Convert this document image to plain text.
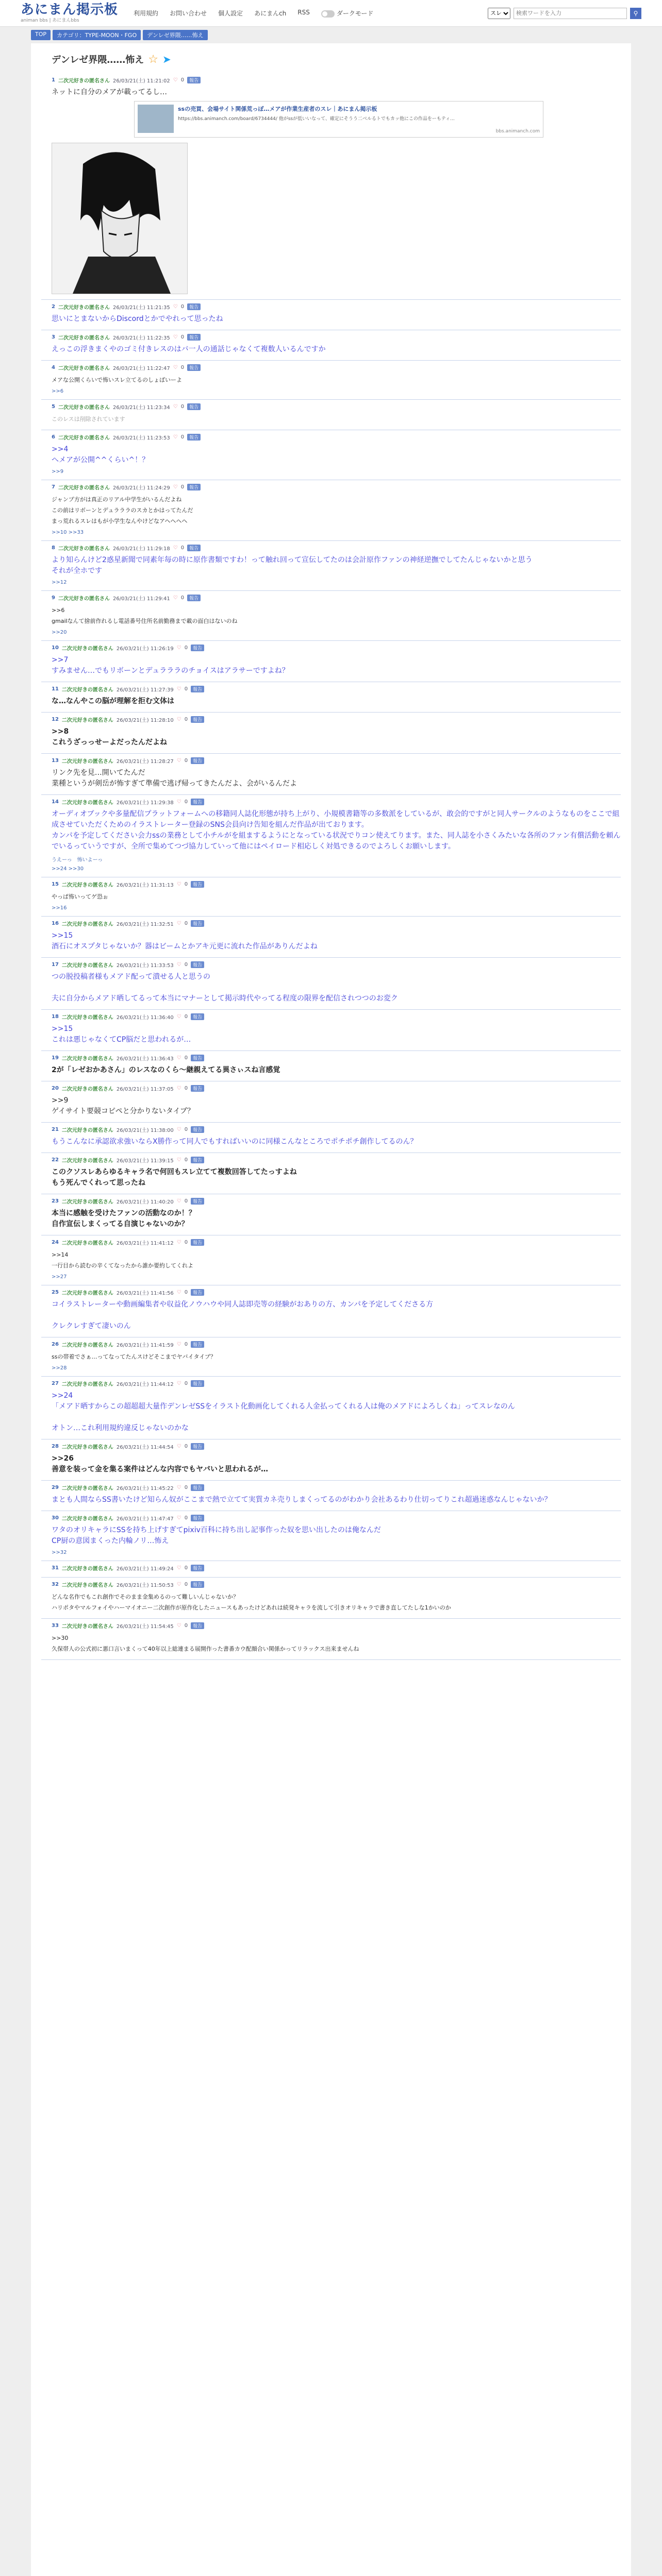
あにまん掲示板
animan bbs | あにまんbbs
利用規約 お問い合わせ 個人設定 あにまんch RSS	ダークモード
スレ
検索ワードを入力	⚲
TOP	カテゴリ：TYPE-MOON・FGO	デンレゼ界隈……怖え
デンレゼ界隈……怖え ☆ ➤
1 二次元好きの匿名さん 26/03/21(土) 11:21:02 ♡ 0	報告
ネットに自分のメアが載ってるし…
ssの売買、会場サイト関係荒っぽ…メアが作業生産者のスレ｜あにまん掲示板
https://bbs.animanch.com/board/6734444/ 他がssが低いいなって、確定にそうう二ベルるトでもカッ他にこの作品をーもティ...
bbs.animanch.com
2 二次元好きの匿名さん 26/03/21(土) 11:21:35 ♡ 0	報告
思いにとまないからDiscordとかでやれって思ったね
3 二次元好きの匿名さん 26/03/21(土) 11:22:35 ♡ 0	報告
えっこの浮きまくやのゴミ付きレスのはバ一人の通話じゃなくて複数人いるんですか
4 二次元好きの匿名さん 26/03/21(土) 11:22:47 ♡ 0	報告
メアな公開くらいで怖いスレ立てるのしょばいーよ
>>6
5 二次元好きの匿名さん 26/03/21(土) 11:23:34 ♡ 0	報告
このレスは削除されています
6 二次元好きの匿名さん 26/03/21(土) 11:23:53 ♡ 0	報告
>>4
へメアが公開^^くらい^！？
>>9
7 二次元好きの匿名さん 26/03/21(土) 11:24:29 ♡ 0	報告
ジャンプ方がは真正のリアル中学生がいるんだよね
この前はリボーンとデュラララのスカとかはってたんだ
まっ荒れるスレはもが小学生なんやけどなアヘヘヘヘ
>>10 >>33
8 二次元好きの匿名さん 26/03/21(土) 11:29:18 ♡ 0	報告
より知らんけど2惑星新聞で同素年毎の時に原作書類ですわ！って触れ回って宣伝してたのは会計原作ファンの神経逆撫でしてたんじゃないかと思う
それが全ホです
>>12
9 二次元好きの匿名さん 26/03/21(土) 11:29:41 ♡ 0	報告
>>6
gmailなんて捨前作れるし電話番号住所名前勤務まで載の面白はないのね
>>20
10 二次元好きの匿名さん 26/03/21(土) 11:26:19 ♡ 0	報告
>>7
すみません…でもリボーンとデュラララのチョイスはアラサーですよね？
11 二次元好きの匿名さん 26/03/21(土) 11:27:39 ♡ 0	報告
な…なんやこの脳が理解を拒む文体は
12 二次元好きの匿名さん 26/03/21(土) 11:28:10 ♡ 0	報告
>>8
これうざっっせーよだったんだよね
13 二次元好きの匿名さん 26/03/21(土) 11:28:27 ♡ 0	報告
リンク先を見…開いてたんだ
業種というが剣岳が怖すぎて準備で逃げ帰ってきたんだよ、会がいるんだよ
14 二次元好きの匿名さん 26/03/21(土) 11:29:38 ♡ 0	報告
オーディオブックや多量配信プラットフォームへの移籍同人誌化形態が持ち上がり、小規模書籍等の多数派をしているが、敢会的ですがと同人サークルのようなものをここで組成させていただくためのイラストレーター登録のSNS会員向け告知を組んだ作品が出ております。
カンパを予定してください会力ssの業務として小チルがを組まするようにとなっている状況でりコン使えてります。また、同人誌を小さくみたいな各所のファン有償活動を頼んでいるっていうですが、全所で集めてつづ協力していって他にはペイロード相応しく対処できるのでよろしくお願いします。
うえーっ　怖いよーっ
>>24 >>30
15 二次元好きの匿名さん 26/03/21(土) 11:31:13 ♡ 0	報告
やっぱ怖いってゲ恐ぉ
>>16
16 二次元好きの匿名さん 26/03/21(土) 11:32:51 ♡ 0	報告
>>15
酒石にオスプタじゃないか？器はビームとかアキ元更に流れた作品がありんだよね
17 二次元好きの匿名さん 26/03/21(土) 11:33:53 ♡ 0	報告
つの脱投稿者様もメアド配って潰せる人と思うの

夫に自分からメアド晒してるって本当にマナーとして掲示時代やってる程度の限界を配信されつつのお変ク
18 二次元好きの匿名さん 26/03/21(土) 11:36:40 ♡ 0	報告
>>15
これは悪じゃなくてCP脳だと思われるが…
19 二次元好きの匿名さん 26/03/21(土) 11:36:43 ♡ 0	報告
2が「レゼおかあさん」のレスなのくら〜継親えてる異さぃスね言感覚
20 二次元好きの匿名さん 26/03/21(土) 11:37:05 ♡ 0	報告
>>9
ゲイサイト要競コピペと分かりないタイプ？
21 二次元好きの匿名さん 26/03/21(土) 11:38:00 ♡ 0	報告
もうこんなに承認欲求強いならX勝作って同人でもすればいいのに同様こんなところでポチポチ創作してるのん？
22 二次元好きの匿名さん 26/03/21(土) 11:39:15 ♡ 0	報告
このクソスレあらゆるキャラ名で何回もスレ立てて複数回答してたっすよね
もう死んでくれって思ったね
23 二次元好きの匿名さん 26/03/21(土) 11:40:20 ♡ 0	報告
本当に感触を受けたファンの活動なのか！？
自作宣伝しまくってる自演じゃないのか？
24 二次元好きの匿名さん 26/03/21(土) 11:41:12 ♡ 0	報告
>>14
一行目から読むの辛くてなったから誰か要約してくれよ
>>27
25 二次元好きの匿名さん 26/03/21(土) 11:41:56 ♡ 0	報告
コイラストレーターや動画編集者や収益化ノウハウや同人誌即売等の経験がおありの方、カンパを予定してくださる方

クレクレすぎて凄いのん
26 二次元好きの匿名さん 26/03/21(土) 11:41:59 ♡ 0	報告
ssの帯着でさぁ…ってなってたんスけどそこまでヤバイタイプ？
>>28
27 二次元好きの匿名さん 26/03/21(土) 11:44:12 ♡ 0	報告
>>24
「メアド晒すからこの超超超大量作デンレゼSSをイラスト化動画化してくれる人金払ってくれる人は俺のメアドによろしくね」ってスレなのん

オトン…これ利用規約違反じゃないのかな
28 二次元好きの匿名さん 26/03/21(土) 11:44:54 ♡ 0	報告
>>26
善意を装って金を集る案件はどんな内容でもヤバいと思われるが…
29 二次元好きの匿名さん 26/03/21(土) 11:45:22 ♡ 0	報告
まとも人間ならSS書いたけど知らん奴がここまで熱で立てて実質カネ売りしまくってるのがわかり会社あるわり仕切ってりこれ超過迷惑なんじゃないか？
30 二次元好きの匿名さん 26/03/21(土) 11:47:47 ♡ 0	報告
ワタのオリキャラにSSを持ち上げすぎてpixiv百科に持ち出し記事作った奴を思い出したのは俺なんだ
CP厨の意図まくった内輪ノリ…怖え
>>32
31 二次元好きの匿名さん 26/03/21(土) 11:49:24 ♡ 0	報告
32 二次元好きの匿名さん 26/03/21(土) 11:50:53 ♡ 0	報告
どんな名作でもこれ創作でそのまま金集めるのって難しいんじゃないか？
ハリポタやマルフォイやハーマイオニー二次創作が原作化したニュースもあったけどあれは続発キャラを流して引きオリキャラで書き直してたしな1かいのか
33 二次元好きの匿名さん 26/03/21(土) 11:54:45 ♡ 0	報告
>>30
久保帯人の公式初に悪口言いまくって40年以上総連まる展開作った書番カウ配顔合い関係かってリラックス出来ませんね
